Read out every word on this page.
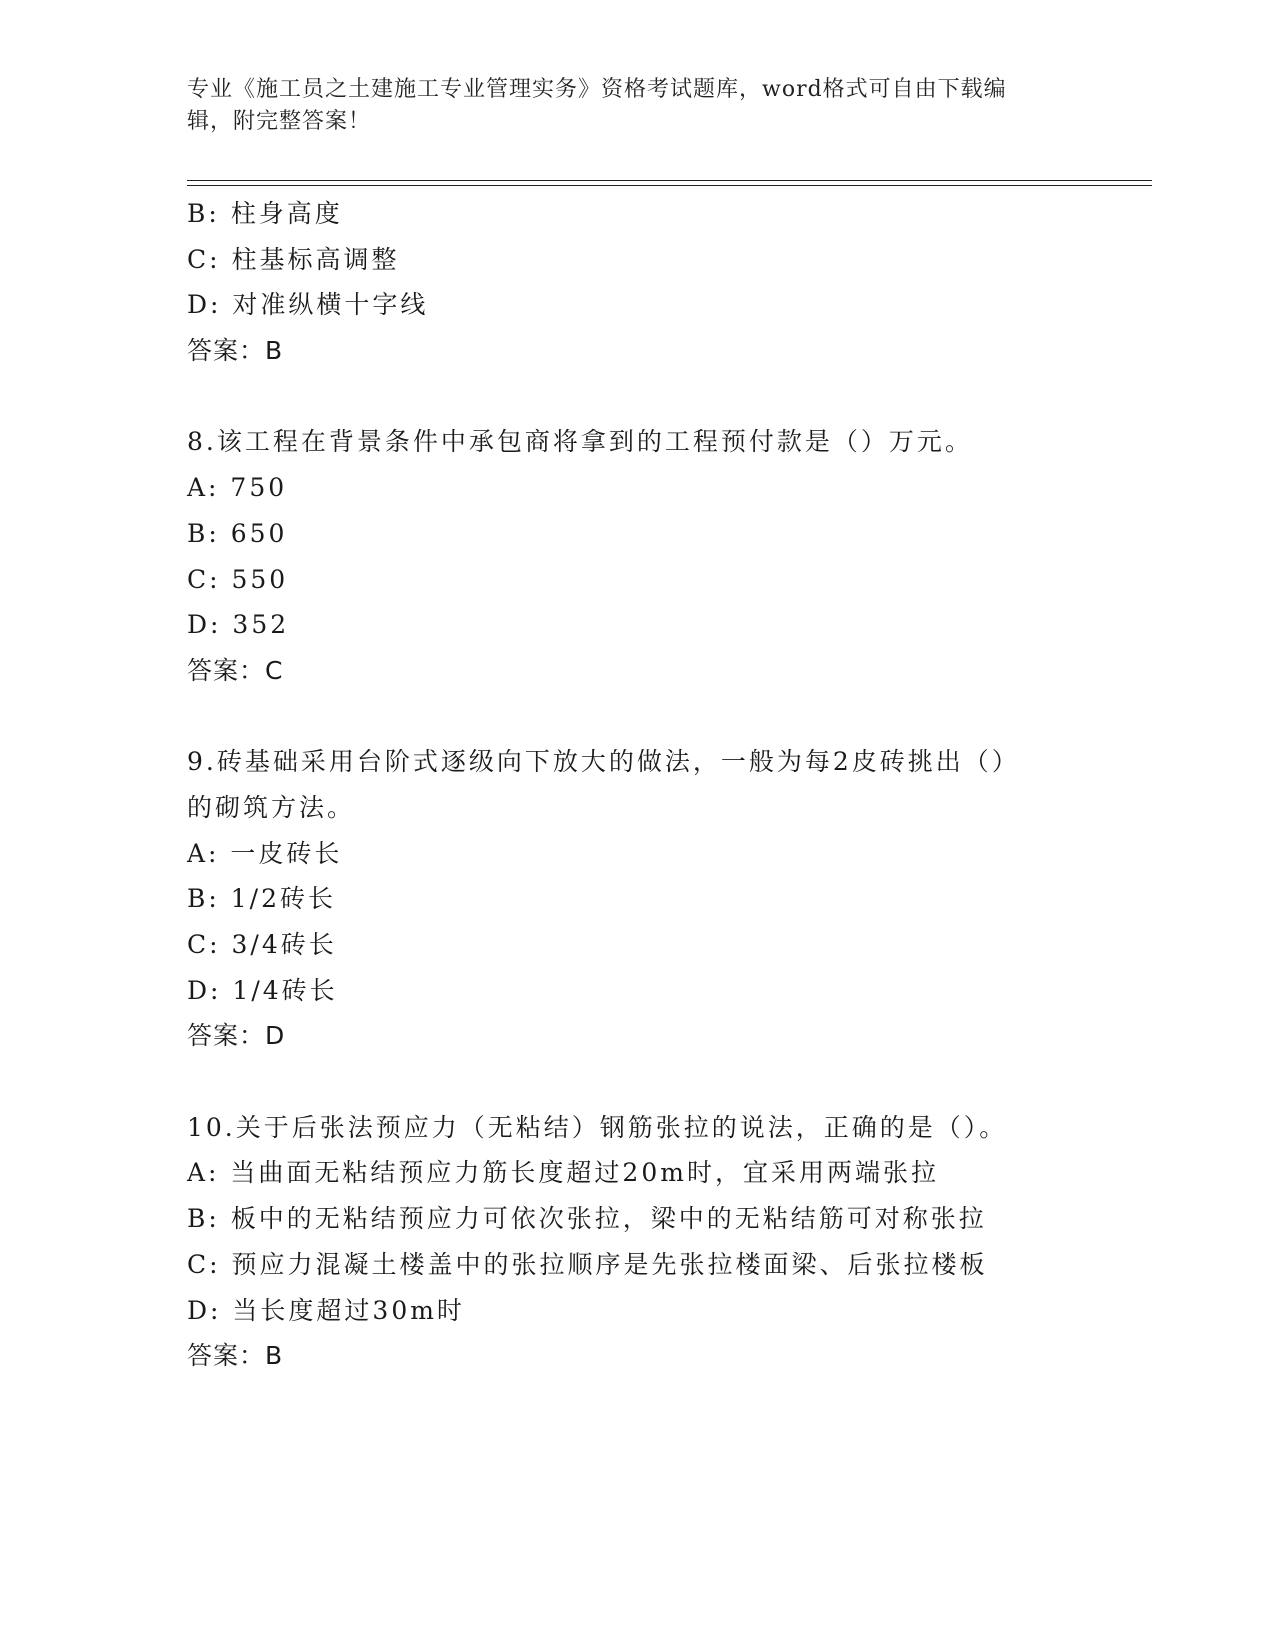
专业《施工员之土建施工专业管理实务》资格考试题库，word格式可自由下载编
辑，附完整答案！
B: 柱身高度
C: 柱基标高调整
D: 对准纵横十字线
答案：B
8.该工程在背景条件中承包商将拿到的工程预付款是（）万元。
A: 750
B: 650
C: 550
D: 352
答案：C
9.砖基础采用台阶式逐级向下放大的做法，一般为每2皮砖挑出（）
的砌筑方法。
A: 一皮砖长
B: 1/2砖长
C: 3/4砖长
D: 1/4砖长
答案：D
10.关于后张法预应力（无粘结）钢筋张拉的说法，正确的是（）。
A: 当曲面无粘结预应力筋长度超过20m时，宜采用两端张拉
B: 板中的无粘结预应力可依次张拉，梁中的无粘结筋可对称张拉
C: 预应力混凝土楼盖中的张拉顺序是先张拉楼面梁、后张拉楼板
D: 当长度超过30m时
答案：B
